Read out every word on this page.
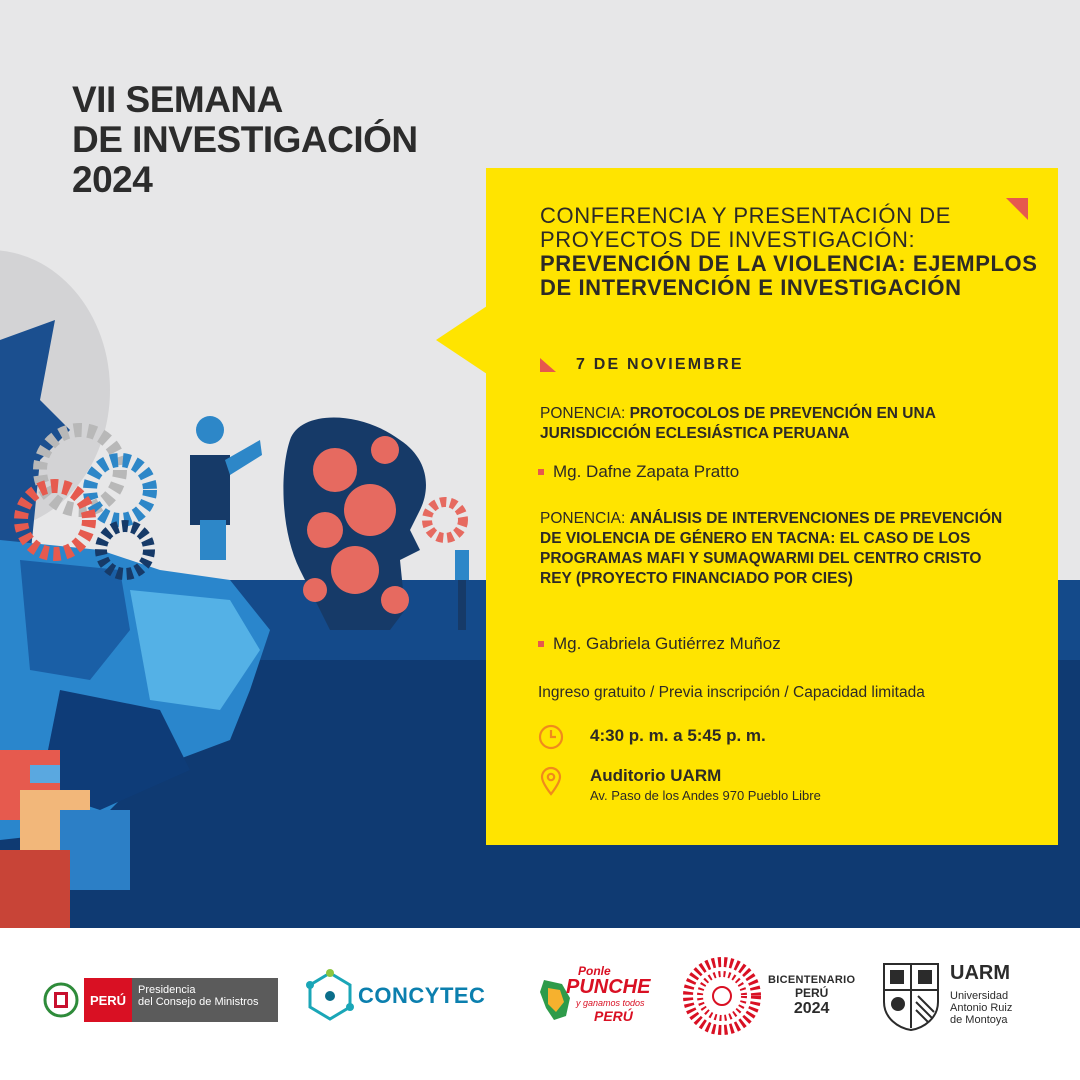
VII SEMANA
DE INVESTIGACIÓN
2024

CONFERENCIA Y PRESENTACIÓN DE PROYECTOS DE INVESTIGACIÓN: PREVENCIÓN DE LA VIOLENCIA: EJEMPLOS DE INTERVENCIÓN E INVESTIGACIÓN

7 DE NOVIEMBRE

PONENCIA: PROTOCOLOS DE PREVENCIÓN EN UNA JURISDICCIÓN ECLESIÁSTICA PERUANA

Mg. Dafne Zapata Pratto

PONENCIA: ANÁLISIS DE INTERVENCIONES DE PREVENCIÓN DE VIOLENCIA DE GÉNERO EN TACNA: EL CASO DE LOS PROGRAMAS MAFI Y SUMAQWARMI DEL CENTRO CRISTO REY (PROYECTO FINANCIADO POR CIES)

Mg. Gabriela Gutiérrez Muñoz

Ingreso gratuito / Previa inscripción / Capacidad limitada

4:30 p. m. a 5:45 p. m.
Auditorio UARM
Av. Paso de los Andes 970 Pueblo Libre
PERÚ
Presidencia
del Consejo de Ministros	CONCYTEC
Ponle
PUNCHE
y ganamos todos
PERÚ
BICENTENARIO
PERÚ
2024
UARM
Universidad
Antonio Ruiz
de Montoya
